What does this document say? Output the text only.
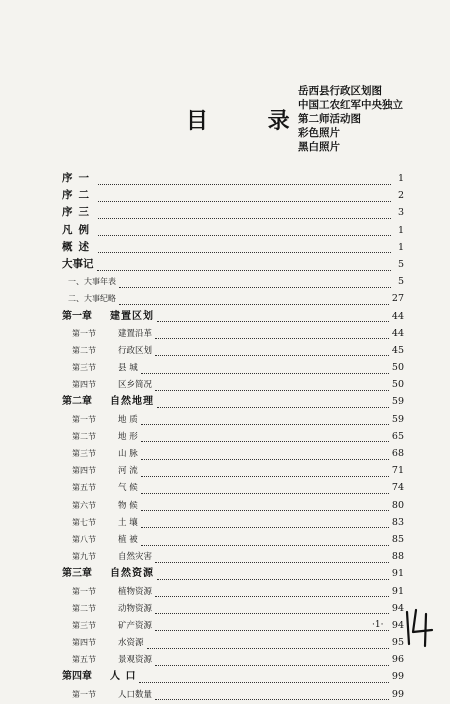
目 录
岳西县行政区划图
中国工农红军中央独立
第二师活动图
彩色照片
黑白照片
序一	1
序二	2
序三	3
凡例	1
概述	1
大事记	5
一、大事年表	5
二、大事纪略	27
第一章 建置区划	44
第一节	建置沿革	44
第二节	行政区划	45
第三节	县 城	50
第四节	区乡简况	50
第二章 自然地理	59
第一节	地 质	59
第二节	地 形	65
第三节	山 脉	68
第四节	河 流	71
第五节	气 候	74
第六节	物 候	80
第七节	土 壤	83
第八节	植 被	85
第九节	自然灾害	88
第三章 自然资源	91
第一节	植物资源	91
第二节	动物资源	94
第三节	矿产资源	94
第四节	水资源	95
第五节	景观资源	96
第四章 人 口	99
第一节	人口数量	99
·1·
